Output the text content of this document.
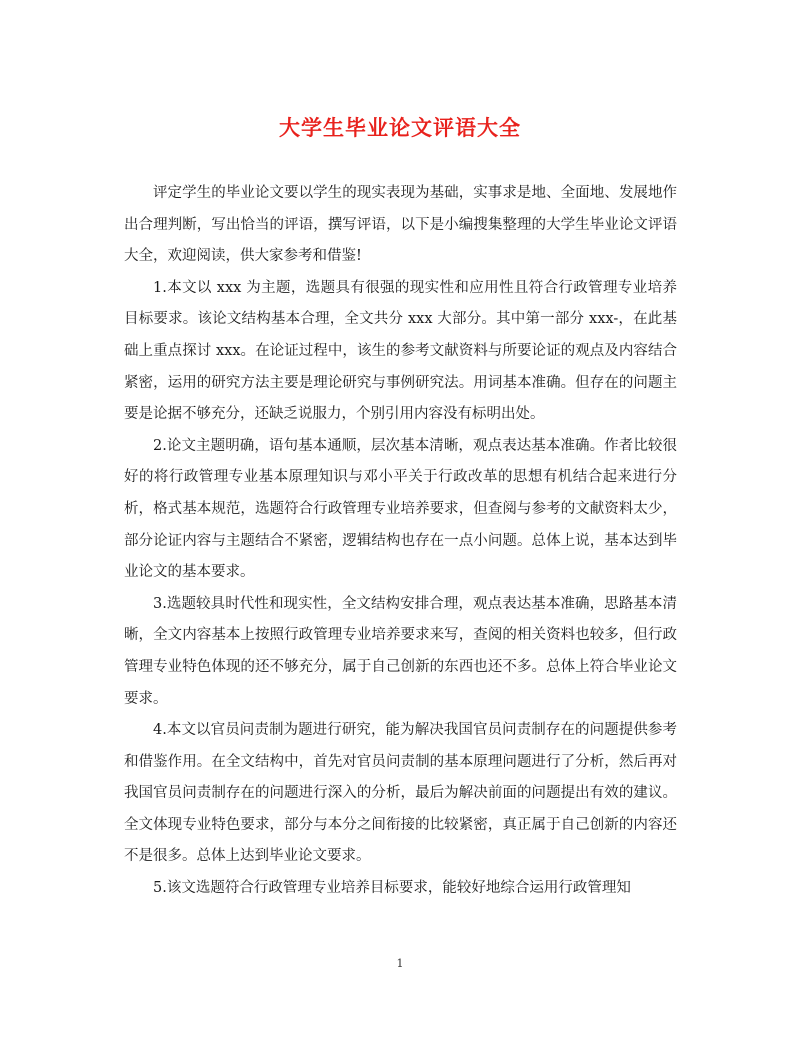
大学生毕业论文评语大全

评定学生的毕业论文要以学生的现实表现为基础，实事求是地、全面地、发展地作出合理判断，写出恰当的评语，撰写评语，以下是小编搜集整理的大学生毕业论文评语大全，欢迎阅读，供大家参考和借鉴!

1.本文以 xxx 为主题，选题具有很强的现实性和应用性且符合行政管理专业培养目标要求。该论文结构基本合理，全文共分 xxx 大部分。其中第一部分 xxx-，在此基础上重点探讨 xxx。在论证过程中，该生的参考文献资料与所要论证的观点及内容结合紧密，运用的研究方法主要是理论研究与事例研究法。用词基本准确。但存在的问题主要是论据不够充分，还缺乏说服力，个别引用内容没有标明出处。

2.论文主题明确，语句基本通顺，层次基本清晰，观点表达基本准确。作者比较很好的将行政管理专业基本原理知识与邓小平关于行政改革的思想有机结合起来进行分析，格式基本规范，选题符合行政管理专业培养要求，但查阅与参考的文献资料太少，部分论证内容与主题结合不紧密，逻辑结构也存在一点小问题。总体上说，基本达到毕业论文的基本要求。

3.选题较具时代性和现实性，全文结构安排合理，观点表达基本准确，思路基本清晰，全文内容基本上按照行政管理专业培养要求来写，查阅的相关资料也较多，但行政管理专业特色体现的还不够充分，属于自己创新的东西也还不多。总体上符合毕业论文要求。

4.本文以官员问责制为题进行研究，能为解决我国官员问责制存在的问题提供参考和借鉴作用。在全文结构中，首先对官员问责制的基本原理问题进行了分析，然后再对我国官员问责制存在的问题进行深入的分析，最后为解决前面的问题提出有效的建议。全文体现专业特色要求，部分与本分之间衔接的比较紧密，真正属于自己创新的内容还不是很多。总体上达到毕业论文要求。

5.该文选题符合行政管理专业培养目标要求，能较好地综合运用行政管理知

1
